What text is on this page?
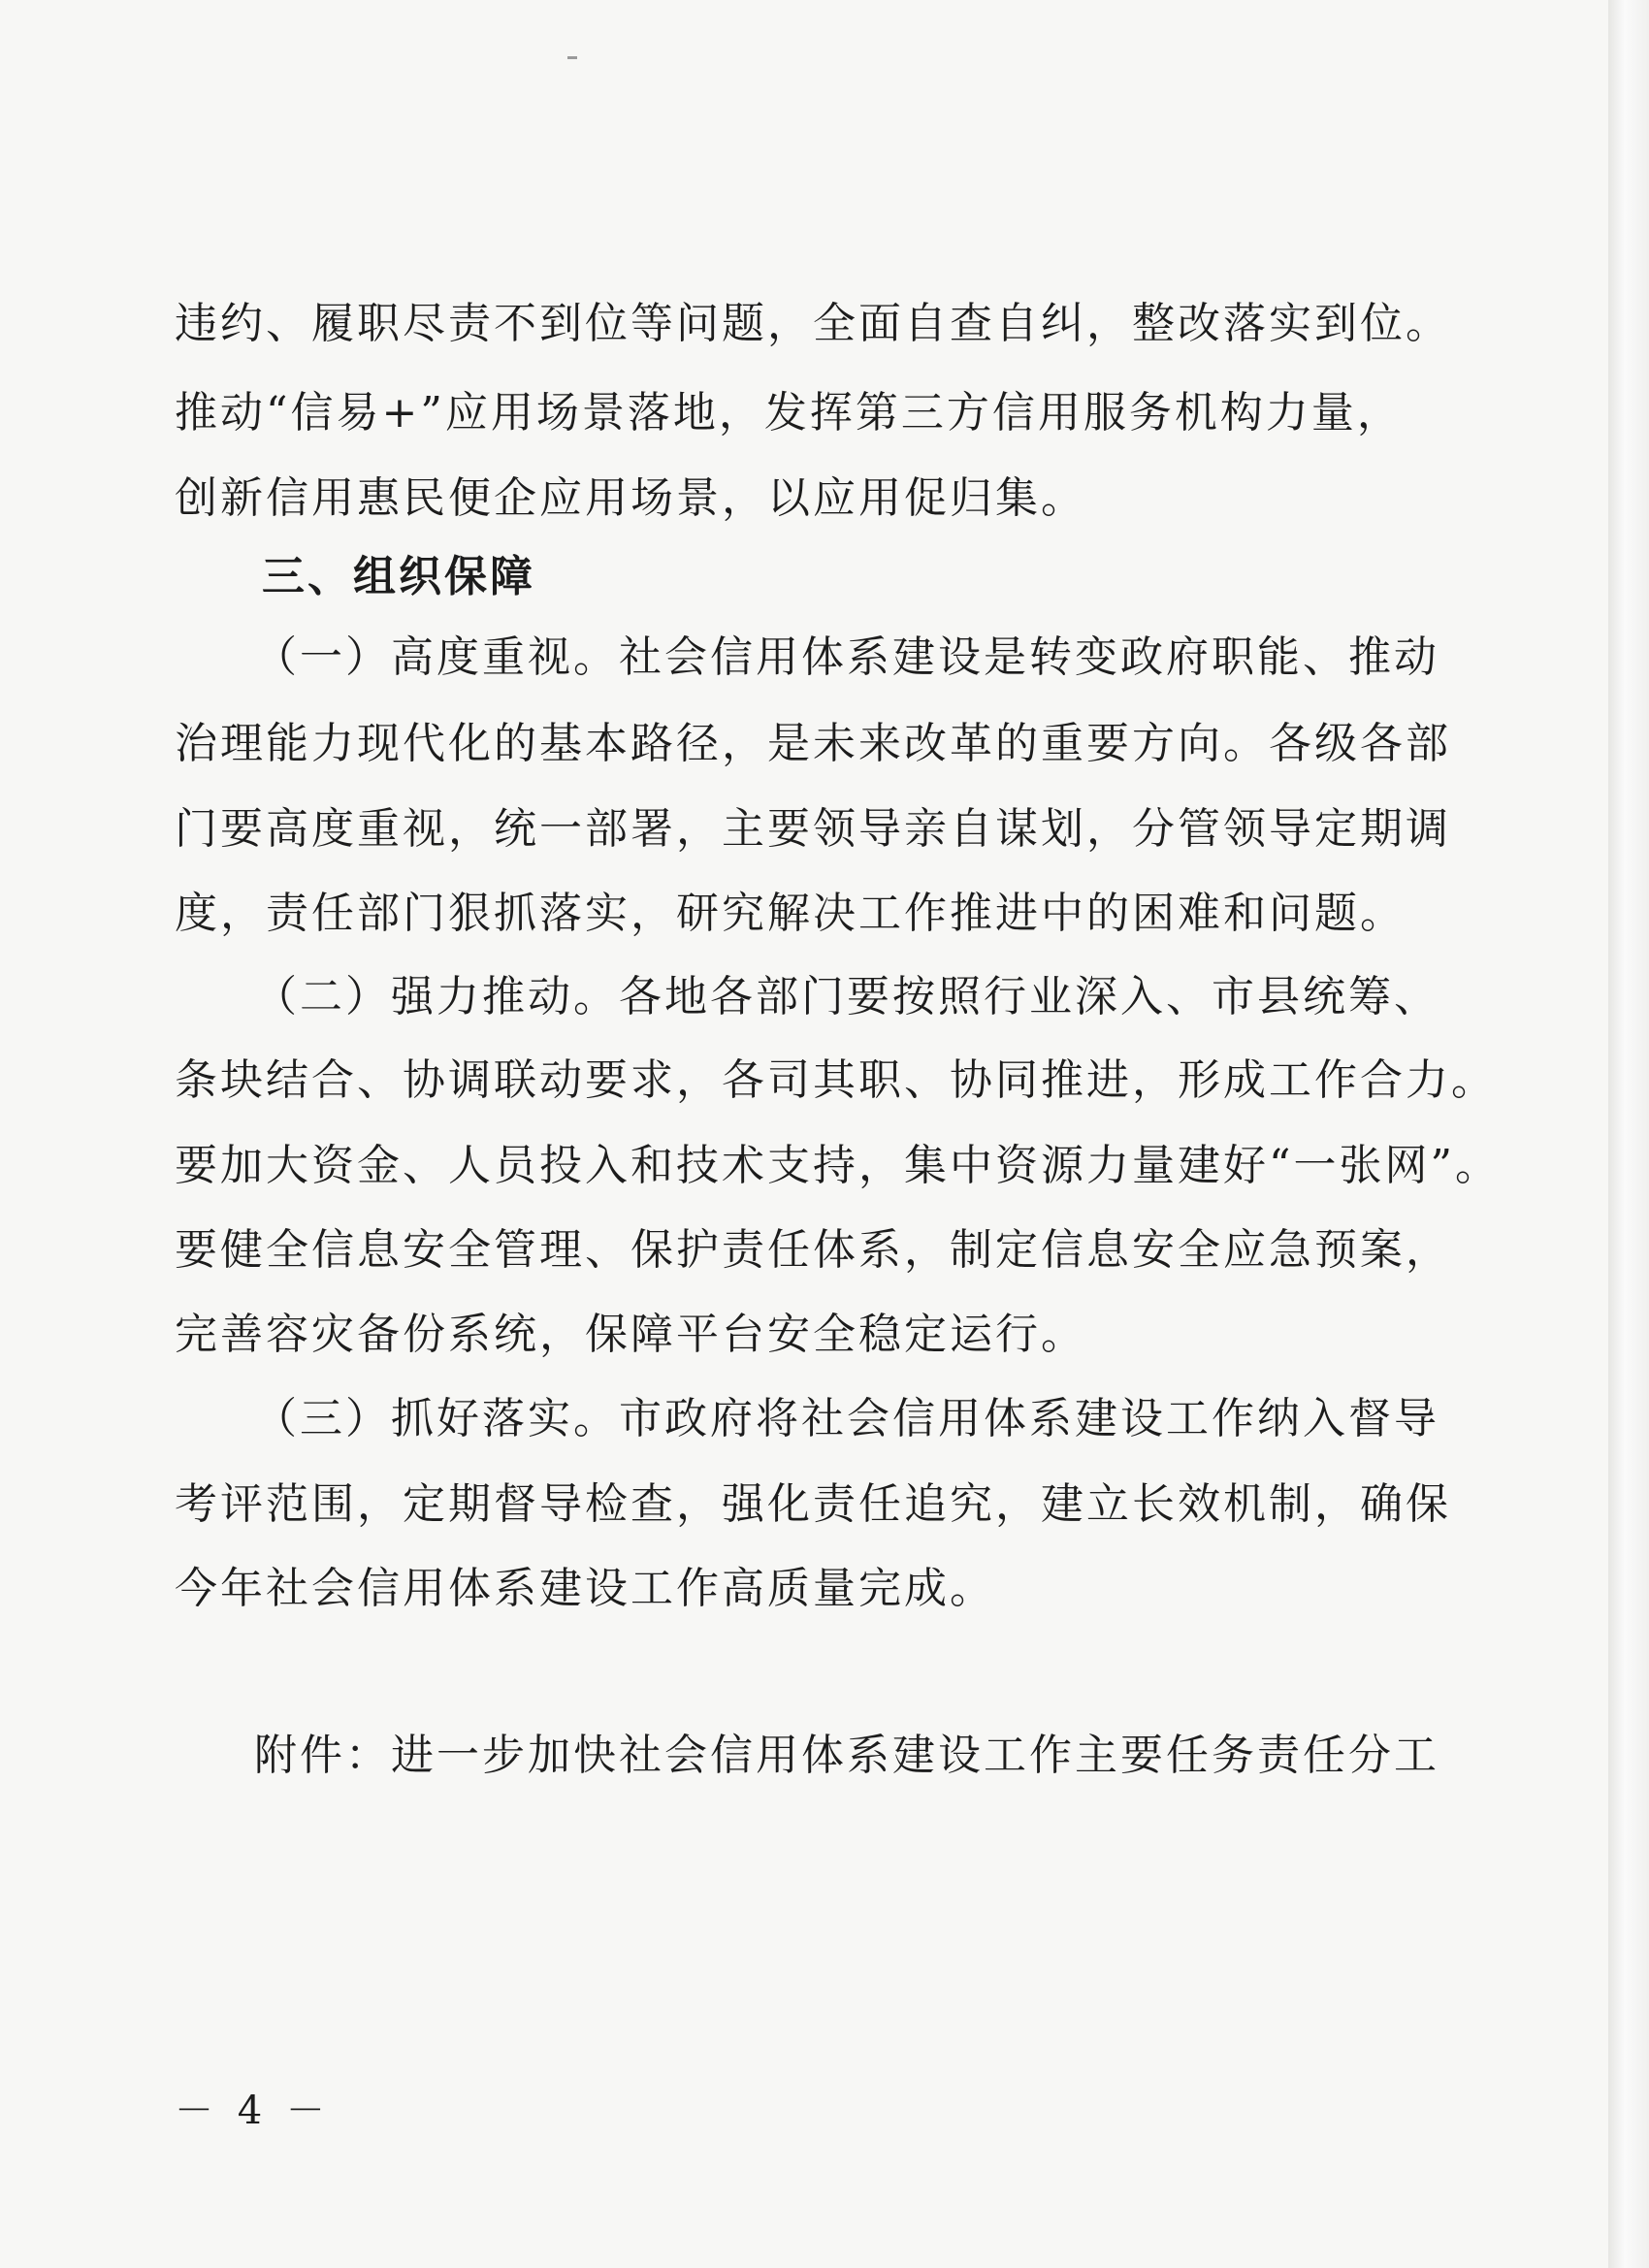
违约、履职尽责不到位等问题，全面自查自纠，整改落实到位。
推动“信易+”应用场景落地，发挥第三方信用服务机构力量，
创新信用惠民便企应用场景，以应用促归集。
三、组织保障
（一）高度重视。社会信用体系建设是转变政府职能、推动
治理能力现代化的基本路径，是未来改革的重要方向。各级各部
门要高度重视，统一部署，主要领导亲自谋划，分管领导定期调
度，责任部门狠抓落实，研究解决工作推进中的困难和问题。
（二）强力推动。各地各部门要按照行业深入、市县统筹、
条块结合、协调联动要求，各司其职、协同推进，形成工作合力。
要加大资金、人员投入和技术支持，集中资源力量建好“一张网”。
要健全信息安全管理、保护责任体系，制定信息安全应急预案，
完善容灾备份系统，保障平台安全稳定运行。
（三）抓好落实。市政府将社会信用体系建设工作纳入督导
考评范围，定期督导检查，强化责任追究，建立长效机制，确保
今年社会信用体系建设工作高质量完成。
附件：进一步加快社会信用体系建设工作主要任务责任分工
－ 4 －
